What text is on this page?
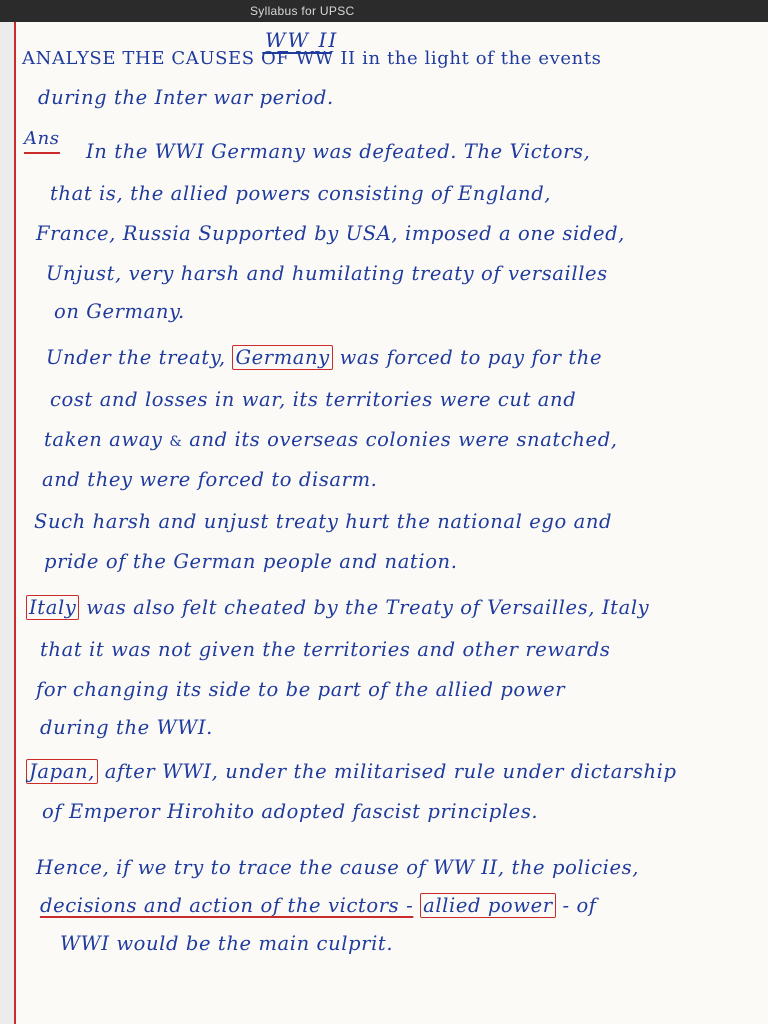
Syllabus for UPSC
WW II
ANALYSE THE CAUSES OF WW II in the light of the events
during the Inter war period.
Ans
In the WWI Germany was defeated. The Victors,
that is, the allied powers consisting of England,
France, Russia Supported by USA, imposed a one sided,
Unjust, very harsh and humilating treaty of versailles
on Germany.
Under the treaty, Germany was forced to pay for the
cost and losses in war, its territories were cut and
taken away & and its overseas colonies were snatched,
and they were forced to disarm.
Such harsh and unjust treaty hurt the national ego and
pride of the German people and nation.
Italy was also felt cheated by the Treaty of Versailles, Italy
that it was not given the territories and other rewards
for changing its side to be part of the allied power
during the WWI.
Japan, after WWI, under the militarised rule under dictarship
of Emperor Hirohito adopted fascist principles.
Hence, if we try to trace the cause of WW II, the policies,
decisions and action of the victors - allied power - of
WWI would be the main culprit.
